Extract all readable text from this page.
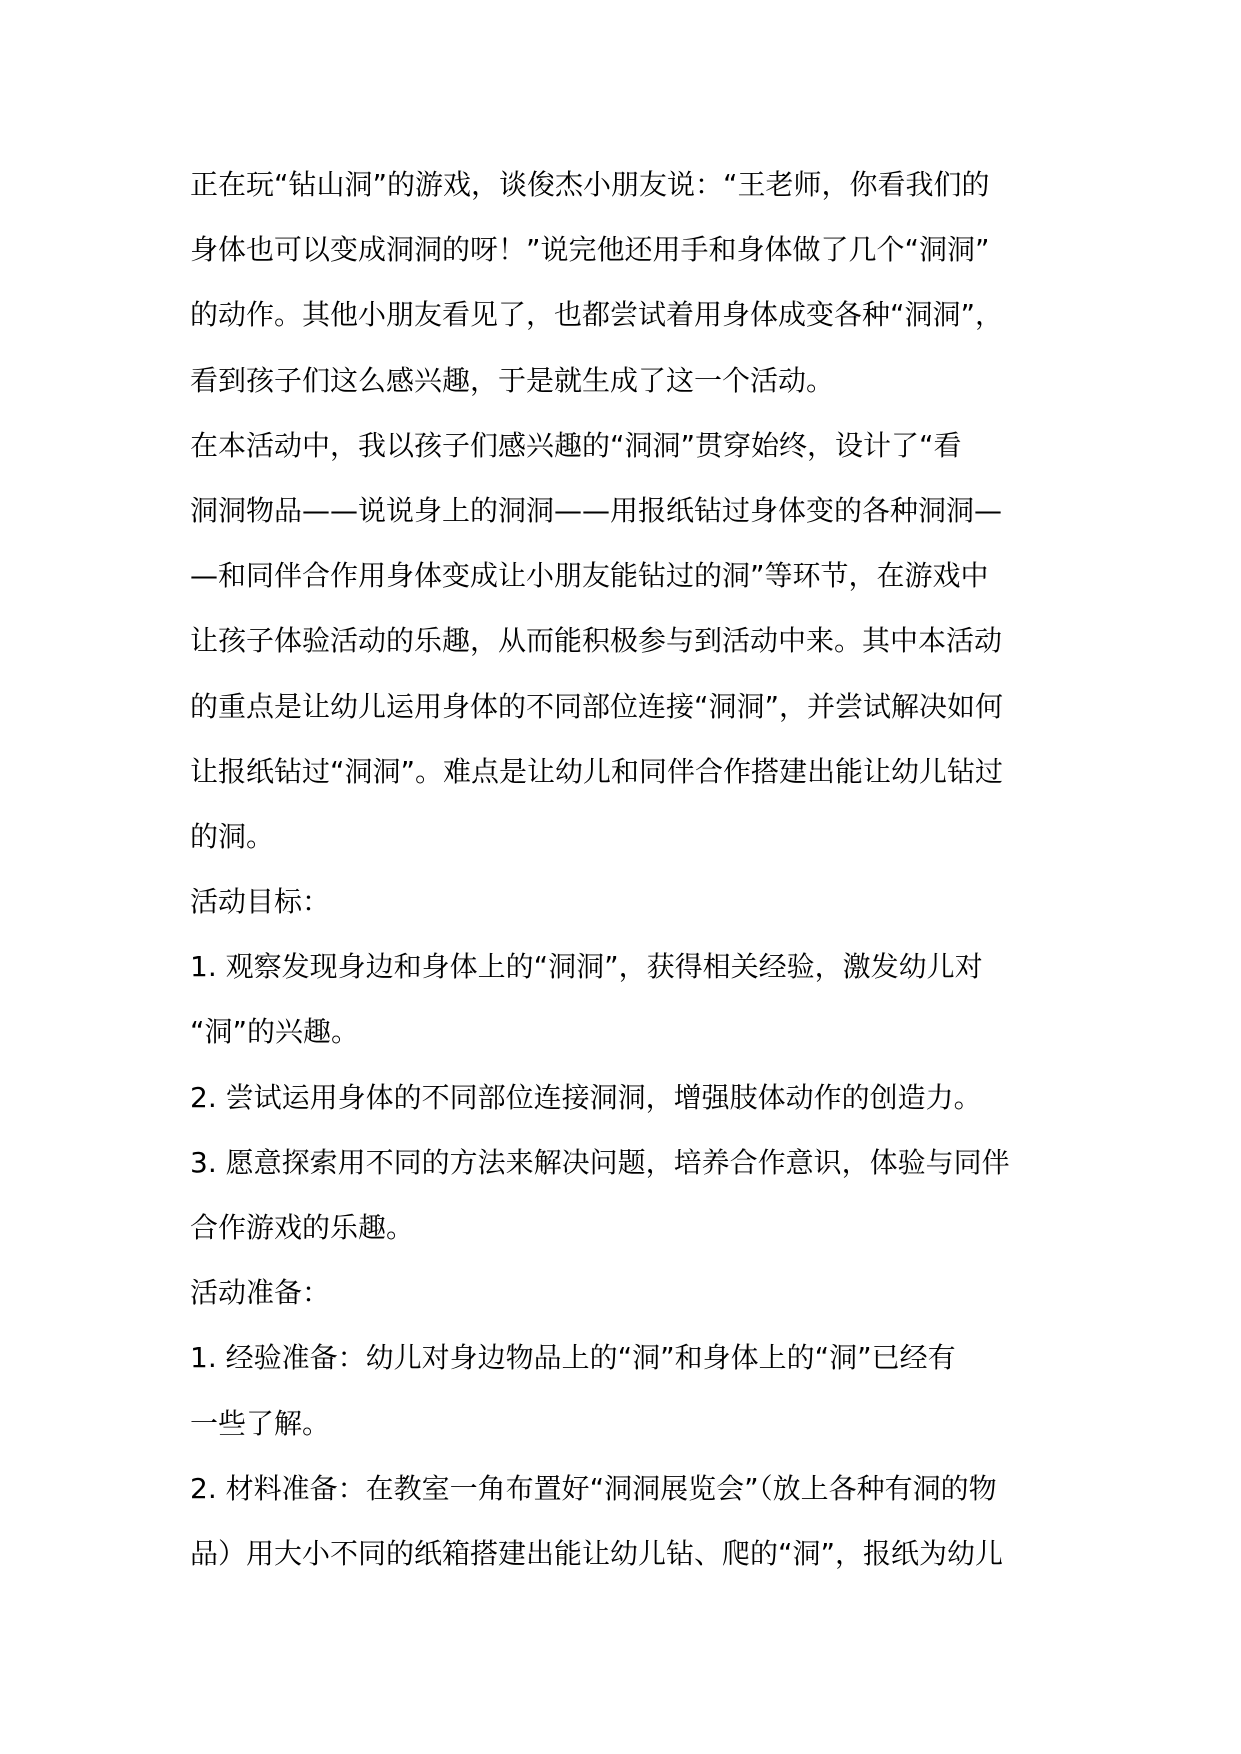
正在玩“钻山洞”的游戏，谈俊杰小朋友说：“王老师，你看我们的
身体也可以变成洞洞的呀！”说完他还用手和身体做了几个“洞洞”
的动作。其他小朋友看见了，也都尝试着用身体成变各种“洞洞”，
看到孩子们这么感兴趣，于是就生成了这一个活动。
在本活动中，我以孩子们感兴趣的“洞洞”贯穿始终，设计了“看
洞洞物品——说说身上的洞洞——用报纸钻过身体变的各种洞洞—
—和同伴合作用身体变成让小朋友能钻过的洞”等环节，在游戏中
让孩子体验活动的乐趣，从而能积极参与到活动中来。其中本活动
的重点是让幼儿运用身体的不同部位连接“洞洞”，并尝试解决如何
让报纸钻过“洞洞”。难点是让幼儿和同伴合作搭建出能让幼儿钻过
的洞。
活动目标：
1. 观察发现身边和身体上的“洞洞”，获得相关经验，激发幼儿对
“洞”的兴趣。
2. 尝试运用身体的不同部位连接洞洞，增强肢体动作的创造力。
3. 愿意探索用不同的方法来解决问题，培养合作意识，体验与同伴
合作游戏的乐趣。
活动准备：
1. 经验准备：幼儿对身边物品上的“洞”和身体上的“洞”已经有
一些了解。
2. 材料准备：在教室一角布置好“洞洞展览会”（放上各种有洞的物
品）用大小不同的纸箱搭建出能让幼儿钻、爬的“洞”，报纸为幼儿
